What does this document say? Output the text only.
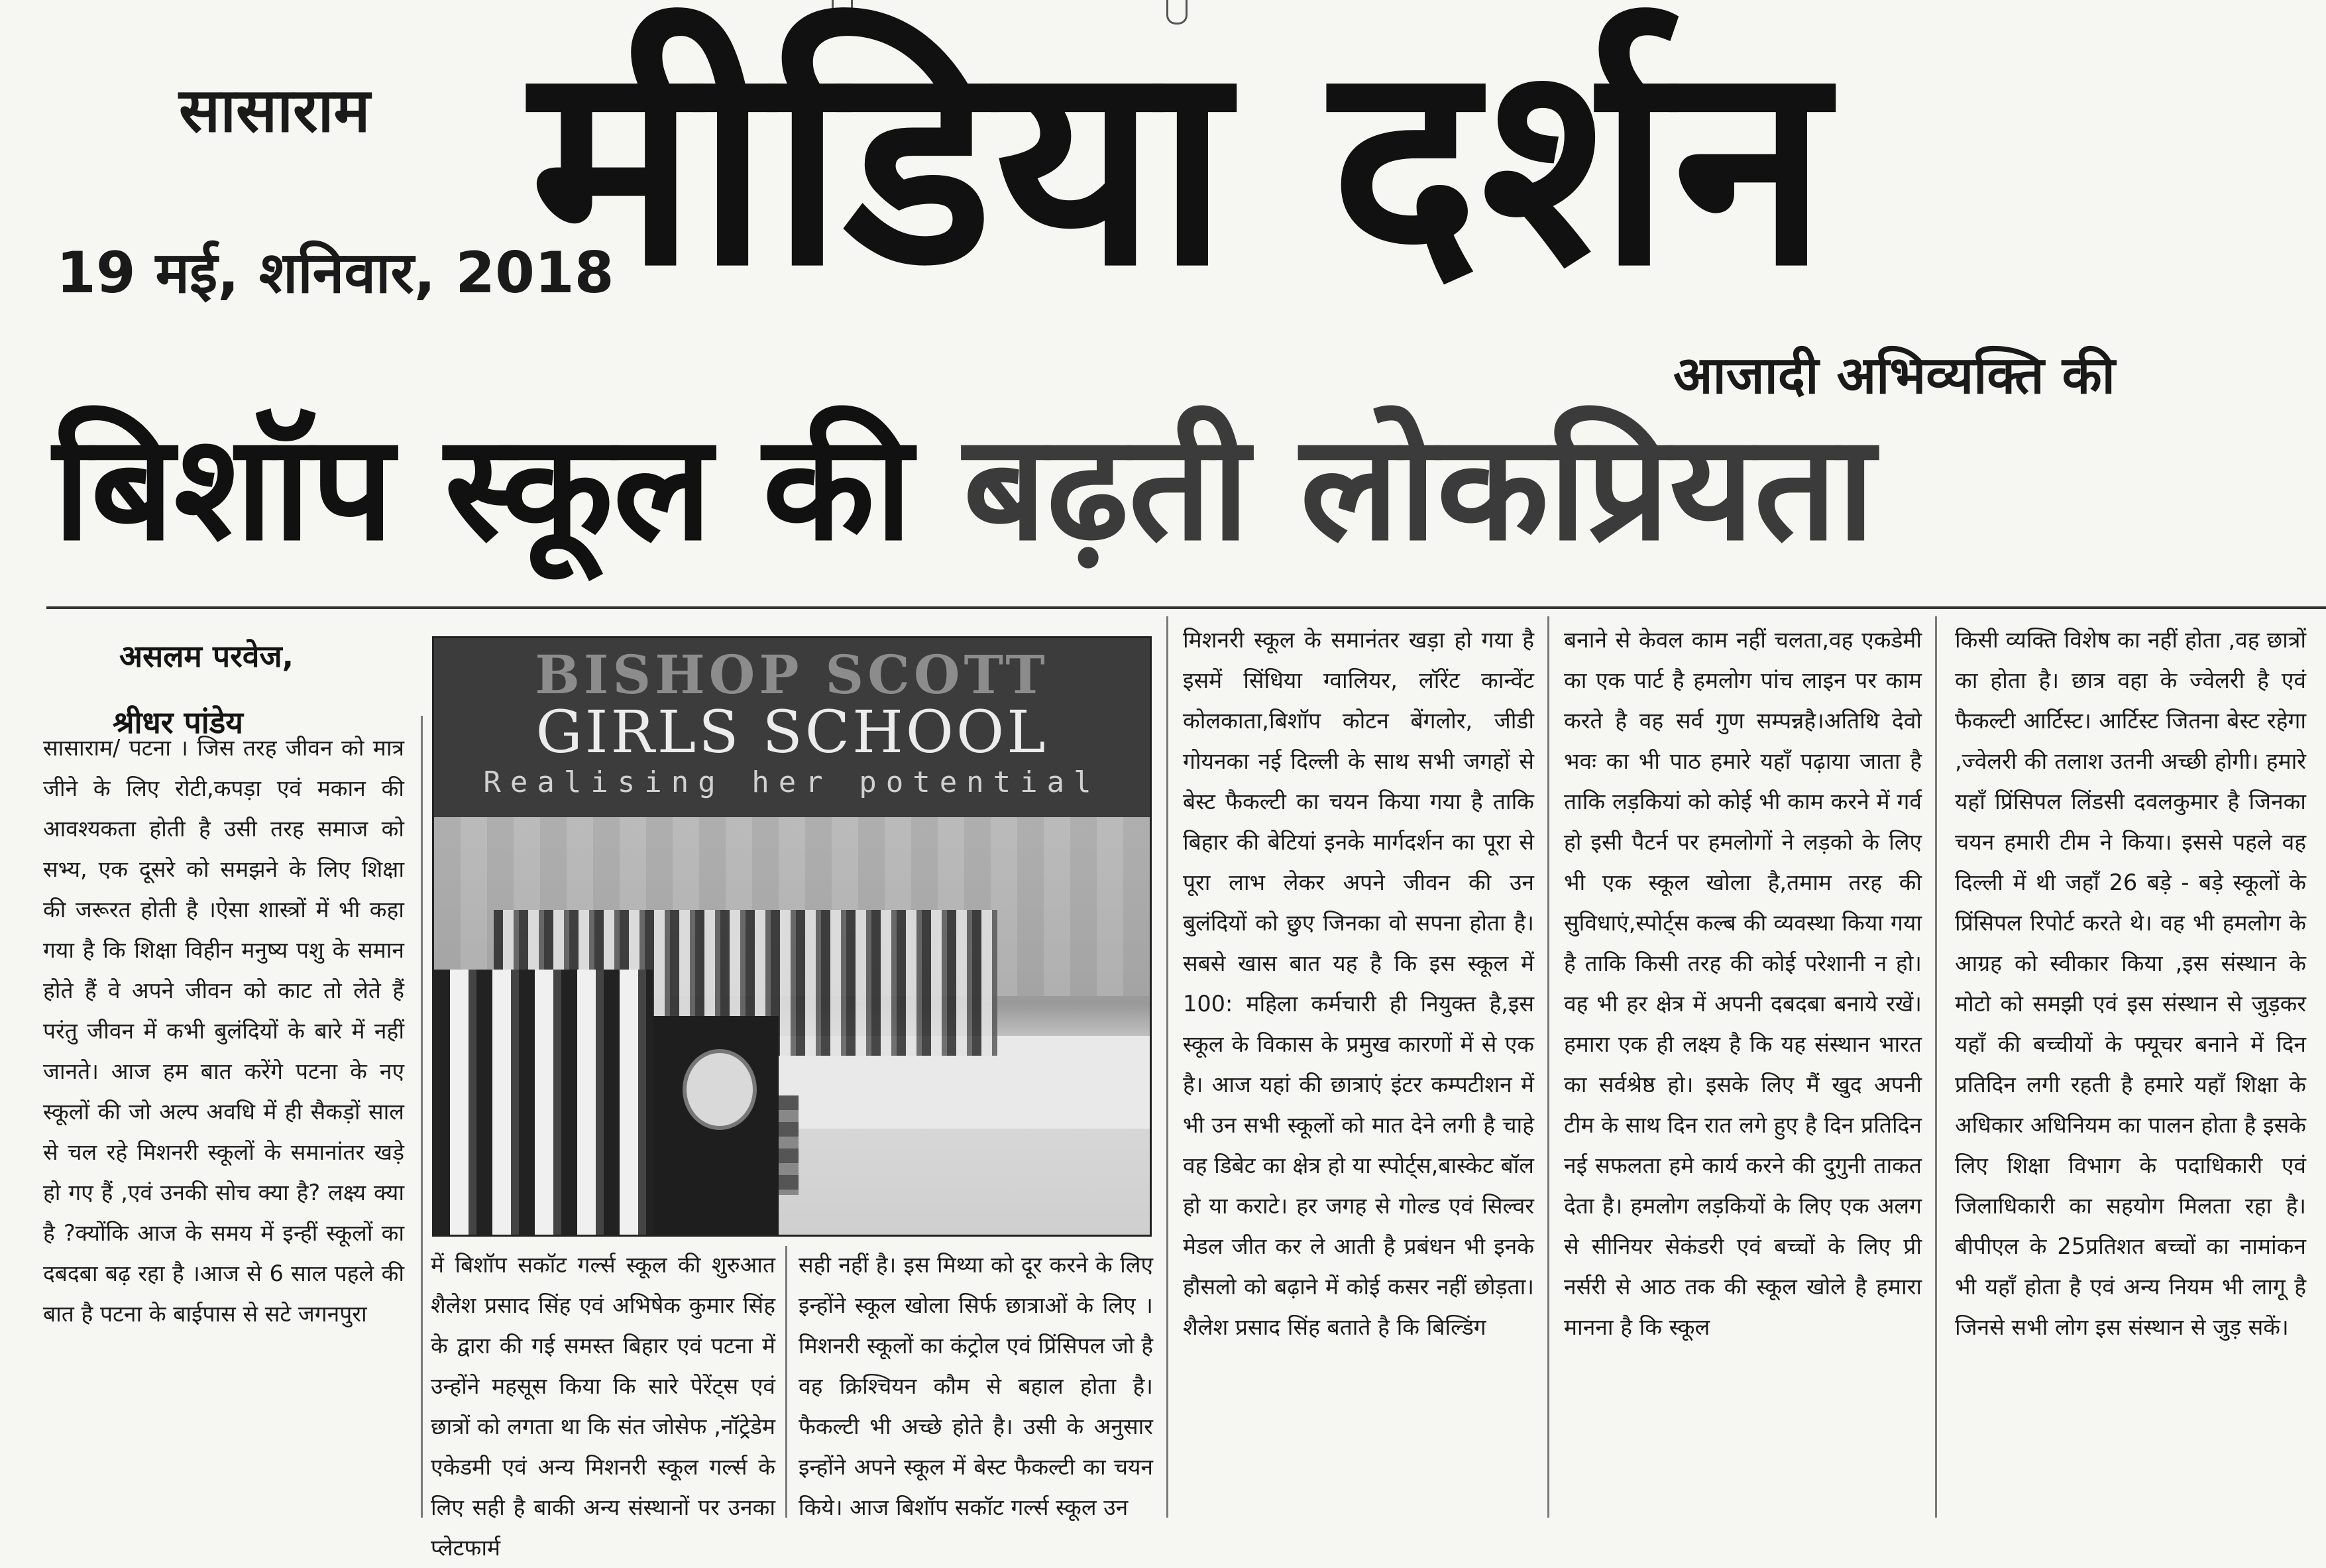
सासाराम
19 मई, शनिवार, 2018
मीडिया दर्शन
आजादी अभिव्यक्ति की
बिशॉप स्कूल की बढ़ती लोकप्रियता
असलम परवेज,
श्रीधर पांडेय
BISHOP SCOTT
GIRLS SCHOOL
Realising her potential
सासाराम/ पटना । जिस तरह जीवन को मात्र जीने के लिए रोटी,कपड़ा एवं मकान की आवश्यकता होती है उसी तरह समाज को सभ्य, एक दूसरे को समझने के लिए शिक्षा की जरूरत होती है ।ऐसा शास्त्रों में भी कहा गया है कि शिक्षा विहीन मनुष्य पशु के समान होते हैं वे अपने जीवन को काट तो लेते हैं परंतु जीवन में कभी बुलंदियों के बारे में नहीं जानते। आज हम बात करेंगे पटना के नए स्कूलों की जो अल्प अवधि में ही सैकड़ों साल से चल रहे मिशनरी स्कूलों के समानांतर खड़े हो गए हैं ,एवं उनकी सोच क्या है? लक्ष्य क्या है ?क्योंकि आज के समय में इन्हीं स्कूलों का दबदबा बढ़ रहा है ।आज से 6 साल पहले की बात है पटना के बाईपास से सटे जगनपुरा
में बिशॉप सकॉट गर्ल्स स्कूल की शुरुआत शैलेश प्रसाद सिंह एवं अभिषेक कुमार सिंह के द्वारा की गई समस्त बिहार एवं पटना में उन्होंने महसूस किया कि सारे पेरेंट्स एवं छात्रों को लगता था कि संत जोसेफ ,नॉट्रेडेम एकेडमी एवं अन्य मिशनरी स्कूल गर्ल्स के लिए सही है बाकी अन्य संस्थानों पर उनका प्लेटफार्म
सही नहीं है। इस मिथ्या को दूर करने के लिए इन्होंने स्कूल खोला सिर्फ छात्राओं के लिए ।मिशनरी स्कूलों का कंट्रोल एवं प्रिंसिपल जो है वह क्रिश्चियन कौम से बहाल होता है। फैकल्टी भी अच्छे होते है। उसी के अनुसार इन्होंने अपने स्कूल में बेस्ट फैकल्टी का चयन किये। आज बिशॉप सकॉट गर्ल्स स्कूल उन
मिशनरी स्कूल के समानंतर खड़ा हो गया है इसमें सिंधिया ग्वालियर, लॉरेंट कान्वेंट कोलकाता,बिशॉप कोटन बेंगलोर, जीडी गोयनका नई दिल्ली के साथ सभी जगहों से बेस्ट फैकल्टी का चयन किया गया है ताकि बिहार की बेटियां इनके मार्गदर्शन का पूरा से पूरा लाभ लेकर अपने जीवन की उन बुलंदियों को छुए जिनका वो सपना होता है। सबसे खास बात यह है कि इस स्कूल में 100: महिला कर्मचारी ही नियुक्त है,इस स्कूल के विकास के प्रमुख कारणों में से एक है। आज यहां की छात्राएं इंटर कम्पटीशन में भी उन सभी स्कूलों को मात देने लगी है चाहे वह डिबेट का क्षेत्र हो या स्पोर्ट्स,बास्केट बॉल हो या कराटे। हर जगह से गोल्ड एवं सिल्वर मेडल जीत कर ले आती है प्रबंधन भी इनके हौसलो को बढ़ाने में कोई कसर नहीं छोड़ता। शैलेश प्रसाद सिंह बताते है कि बिल्डिंग
बनाने से केवल काम नहीं चलता,वह एकडेमी का एक पार्ट है हमलोग पांच लाइन पर काम करते है वह सर्व गुण सम्पन्नहै।अतिथि देवो भवः का भी पाठ हमारे यहाँ पढ़ाया जाता है ताकि लड़कियां को कोई भी काम करने में गर्व हो इसी पैटर्न पर हमलोगों ने लड़को के लिए भी एक स्कूल खोला है,तमाम तरह की सुविधाएं,स्पोर्ट्स कल्ब की व्यवस्था किया गया है ताकि किसी तरह की कोई परेशानी न हो। वह भी हर क्षेत्र में अपनी दबदबा बनाये रखें। हमारा एक ही लक्ष्य है कि यह संस्थान भारत का सर्वश्रेष्ठ हो। इसके लिए मैं खुद अपनी टीम के साथ दिन रात लगे हुए है दिन प्रतिदिन नई सफलता हमे कार्य करने की दुगुनी ताकत देता है। हमलोग लड़कियों के लिए एक अलग से सीनियर सेकंडरी एवं बच्चों के लिए प्री नर्सरी से आठ तक की स्कूल खोले है हमारा मानना है कि स्कूल
किसी व्यक्ति विशेष का नहीं होता ,वह छात्रों का होता है। छात्र वहा के ज्वेलरी है एवं फैकल्टी आर्टिस्ट। आर्टिस्ट जितना बेस्ट रहेगा ,ज्वेलरी की तलाश उतनी अच्छी होगी। हमारे यहाँ प्रिंसिपल लिंडसी दवलकुमार है जिनका चयन हमारी टीम ने किया। इससे पहले वह दिल्ली में थी जहाँ 26 बड़े - बड़े स्कूलों के प्रिंसिपल रिपोर्ट करते थे। वह भी हमलोग के आग्रह को स्वीकार किया ,इस संस्थान के मोटो को समझी एवं इस संस्थान से जुड़कर यहाँ की बच्चीयों के फ्यूचर बनाने में दिन प्रतिदिन लगी रहती है हमारे यहाँ शिक्षा के अधिकार अधिनियम का पालन होता है इसके लिए शिक्षा विभाग के पदाधिकारी एवं जिलाधिकारी का सहयोग मिलता रहा है। बीपीएल के 25प्रतिशत बच्चों का नामांकन भी यहाँ होता है एवं अन्य नियम भी लागू है जिनसे सभी लोग इस संस्थान से जुड़ सकें।
